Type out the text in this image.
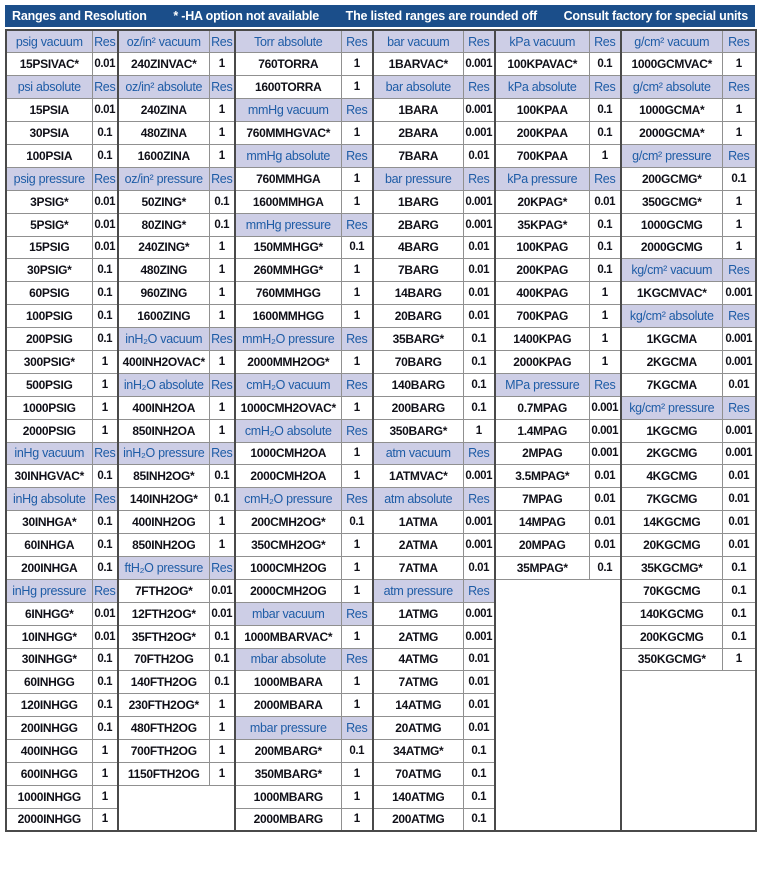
Ranges and Resolution * -HA option not available The listed ranges are rounded off Consult factory for special units
psig vacuum	Res	oz/in² vacuum	Res	Torr absolute	Res	bar vacuum	Res	kPa vacuum	Res	g/cm² vacuum	Res
15PSIVAC*	0.01	240ZINVAC*	1	760TORRA	1	1BARVAC*	0.001	100KPAVAC*	0.1	1000GCMVAC*	1
psi absolute	Res	oz/in² absolute	Res	1600TORRA	1	bar absolute	Res	kPa absolute	Res	g/cm² absolute	Res
15PSIA	0.01	240ZINA	1	mmHg vacuum	Res	1BARA	0.001	100KPAA	0.1	1000GCMA*	1
30PSIA	0.1	480ZINA	1	760MMHGVAC*	1	2BARA	0.001	200KPAA	0.1	2000GCMA*	1
100PSIA	0.1	1600ZINA	1	mmHg absolute	Res	7BARA	0.01	700KPAA	1	g/cm² pressure	Res
psig pressure	Res	oz/in² pressure	Res	760MMHGA	1	bar pressure	Res	kPa pressure	Res	200GCMG*	0.1
3PSIG*	0.01	50ZING*	0.1	1600MMHGA	1	1BARG	0.001	20KPAG*	0.01	350GCMG*	1
5PSIG*	0.01	80ZING*	0.1	mmHg pressure	Res	2BARG	0.001	35KPAG*	0.1	1000GCMG	1
15PSIG	0.01	240ZING*	1	150MMHGG*	0.1	4BARG	0.01	100KPAG	0.1	2000GCMG	1
30PSIG*	0.1	480ZING	1	260MMHGG*	1	7BARG	0.01	200KPAG	0.1	kg/cm² vacuum	Res
60PSIG	0.1	960ZING	1	760MMHGG	1	14BARG	0.01	400KPAG	1	1KGCMVAC*	0.001
100PSIG	0.1	1600ZING	1	1600MMHGG	1	20BARG	0.01	700KPAG	1	kg/cm² absolute	Res
200PSIG	0.1	inH₂O vacuum	Res	mmH₂O pressure	Res	35BARG*	0.1	1400KPAG	1	1KGCMA	0.001
300PSIG*	1	400INH2OVAC*	1	2000MMH2OG*	1	70BARG	0.1	2000KPAG	1	2KGCMA	0.001
500PSIG	1	inH₂O absolute	Res	cmH₂O vacuum	Res	140BARG	0.1	MPa pressure	Res	7KGCMA	0.01
1000PSIG	1	400INH2OA	1	1000CMH2OVAC*	1	200BARG	0.1	0.7MPAG	0.001	kg/cm² pressure	Res
2000PSIG	1	850INH2OA	1	cmH₂O absolute	Res	350BARG*	1	1.4MPAG	0.001	1KGCMG	0.001
inHg vacuum	Res	inH₂O pressure	Res	1000CMH2OA	1	atm vacuum	Res	2MPAG	0.001	2KGCMG	0.001
30INHGVAC*	0.1	85INH2OG*	0.1	2000CMH2OA	1	1ATMVAC*	0.001	3.5MPAG*	0.01	4KGCMG	0.01
inHg absolute	Res	140INH2OG*	0.1	cmH₂O pressure	Res	atm absolute	Res	7MPAG	0.01	7KGCMG	0.01
30INHGA*	0.1	400INH2OG	1	200CMH2OG*	0.1	1ATMA	0.001	14MPAG	0.01	14KGCMG	0.01
60INHGA	0.1	850INH2OG	1	350CMH2OG*	1	2ATMA	0.001	20MPAG	0.01	20KGCMG	0.01
200INHGA	0.1	ftH₂O pressure	Res	1000CMH2OG	1	7ATMA	0.01	35MPAG*	0.1	35KGCMG*	0.1
inHg pressure	Res	7FTH2OG*	0.01	2000CMH2OG	1	atm pressure	Res			70KGCMG	0.1
6INHGG*	0.01	12FTH2OG*	0.01	mbar vacuum	Res	1ATMG	0.001			140KGCMG	0.1
10INHGG*	0.01	35FTH2OG*	0.1	1000MBARVAC*	1	2ATMG	0.001			200KGCMG	0.1
30INHGG*	0.1	70FTH2OG	0.1	mbar absolute	Res	4ATMG	0.01			350KGCMG*	1
60INHGG	0.1	140FTH2OG	0.1	1000MBARA	1	7ATMG	0.01				
120INHGG	0.1	230FTH2OG*	1	2000MBARA	1	14ATMG	0.01				
200INHGG	0.1	480FTH2OG	1	mbar pressure	Res	20ATMG	0.01				
400INHGG	1	700FTH2OG	1	200MBARG*	0.1	34ATMG*	0.1				
600INHGG	1	1150FTH2OG	1	350MBARG*	1	70ATMG	0.1				
1000INHGG	1			1000MBARG	1	140ATMG	0.1				
2000INHGG	1			2000MBARG	1	200ATMG	0.1				
